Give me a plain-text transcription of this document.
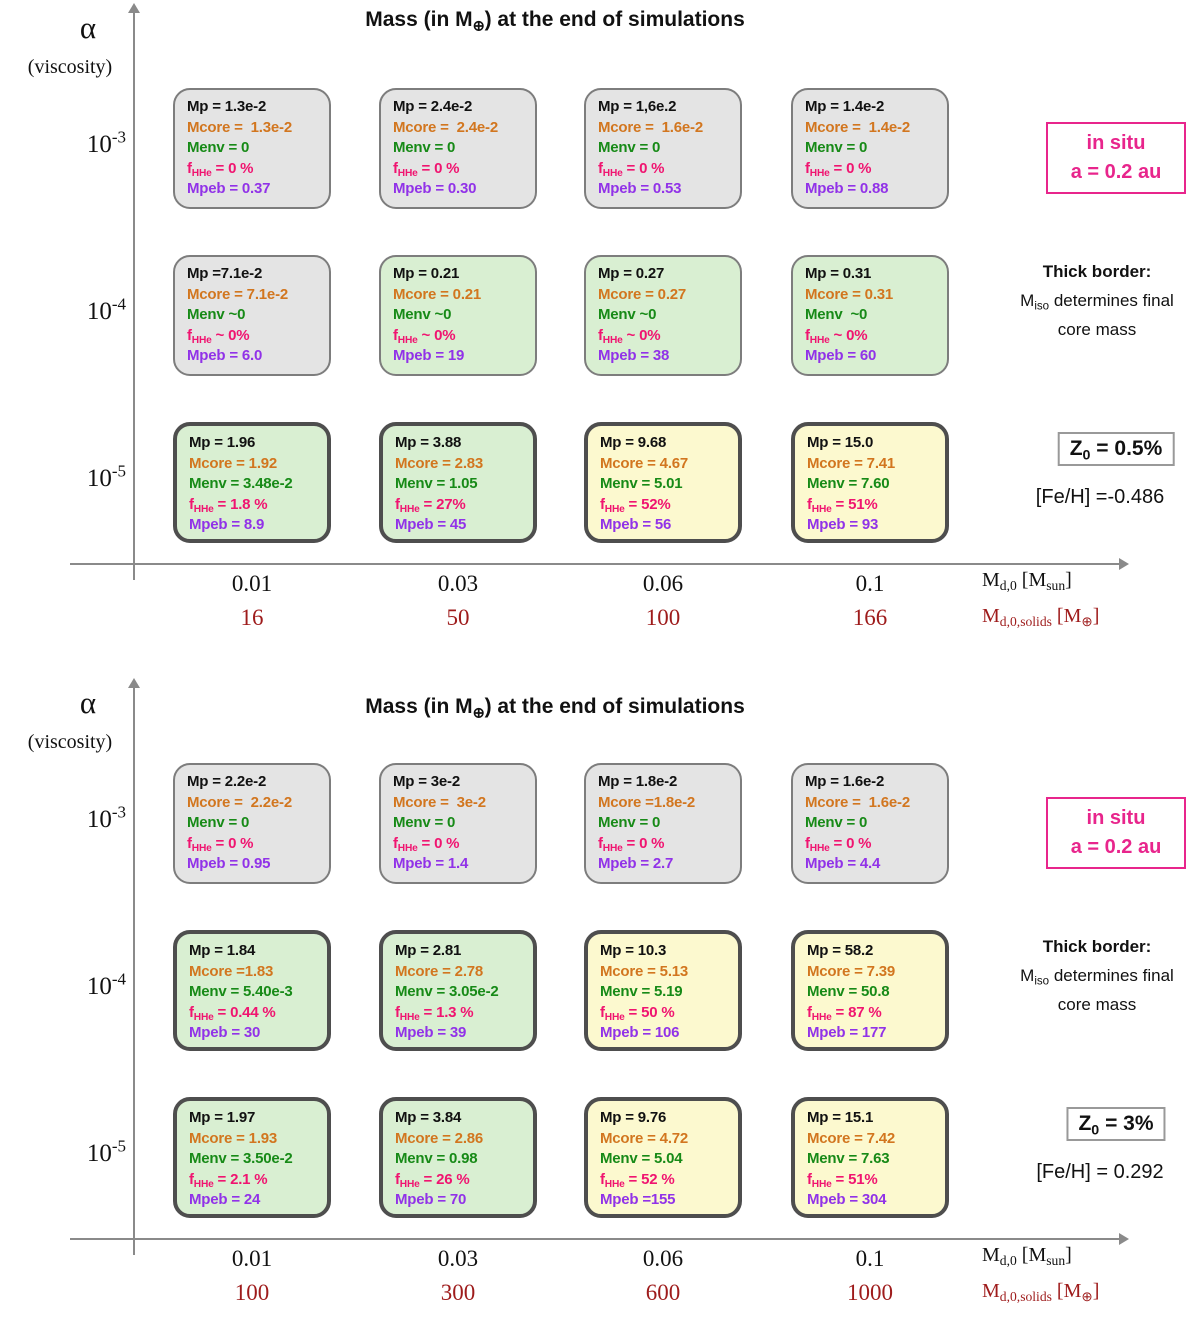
Mass (in $M_\oplus$) at the end of simulations
α
(viscosity)
$M_{d,0}$ $[M_{sun}]$
$M_{d,0,solids}$ $[M_\oplus]$
in situ
a = 0.2 au
Thick border:
$M_{iso}$ determines final
core mass
$Z_0 = 0.5\%$
[Fe/H] =-0.486
$10^{-3}$
Mp = 1.3e-2
Mcore =  1.3e-2
Menv = 0
$f_{HHe} = 0$ %
Mpeb = 0.37
Mp = 2.4e-2
Mcore =  2.4e-2
Menv = 0
$f_{HHe} = 0$ %
Mpeb = 0.30
Mp = 1,6e.2
Mcore =  1.6e-2
Menv = 0
$f_{HHe} = 0$ %
Mpeb = 0.53
Mp = 1.4e-2
Mcore =  1.4e-2
Menv = 0
$f_{HHe} = 0$ %
Mpeb = 0.88
$10^{-4}$
Mp =7.1e-2
Mcore = 7.1e-2
Menv ~0
$f_{HHe}$ ~ 0%
Mpeb = 6.0
Mp = 0.21
Mcore = 0.21
Menv ~0
$f_{HHe}$ ~ 0%
Mpeb = 19
Mp = 0.27
Mcore = 0.27
Menv ~0
$f_{HHe}$ ~ 0%
Mpeb = 38
Mp = 0.31
Mcore = 0.31
Menv  ~0
$f_{HHe}$ ~ 0%
Mpeb = 60
$10^{-5}$
Mp = 1.96
Mcore = 1.92
Menv = 3.48e-2
$f_{HHe} = 1.8$ %
Mpeb = 8.9
Mp = 3.88
Mcore = 2.83
Menv = 1.05
$f_{HHe} = 27\%$
Mpeb = 45
Mp = 9.68
Mcore = 4.67
Menv = 5.01
$f_{HHe} = 52\%$
Mpeb = 56
Mp = 15.0
Mcore = 7.41
Menv = 7.60
$f_{HHe} = 51\%$
Mpeb = 93
0.01	0.03	0.06	0.1
16	50	100	166
Mass (in $M_\oplus$) at the end of simulations
α
(viscosity)
$M_{d,0}$ $[M_{sun}]$
$M_{d,0,solids}$ $[M_\oplus]$
in situ
a = 0.2 au
Thick border:
$M_{iso}$ determines final
core mass
$Z_0 = 3\%$
[Fe/H] = 0.292
$10^{-3}$
Mp = 2.2e-2
Mcore =  2.2e-2
Menv = 0
$f_{HHe} = 0$ %
Mpeb = 0.95
Mp = 3e-2
Mcore =  3e-2
Menv = 0
$f_{HHe} = 0$ %
Mpeb = 1.4
Mp = 1.8e-2
Mcore =1.8e-2
Menv = 0
$f_{HHe} = 0$ %
Mpeb = 2.7
Mp = 1.6e-2
Mcore =  1.6e-2
Menv = 0
$f_{HHe} = 0$ %
Mpeb = 4.4
$10^{-4}$
Mp = 1.84
Mcore =1.83
Menv = 5.40e-3
$f_{HHe} = 0.44$ %
Mpeb = 30
Mp = 2.81
Mcore = 2.78
Menv = 3.05e-2
$f_{HHe} = 1.3$ %
Mpeb = 39
Mp = 10.3
Mcore = 5.13
Menv = 5.19
$f_{HHe} = 50$ %
Mpeb = 106
Mp = 58.2
Mcore = 7.39
Menv = 50.8
$f_{HHe} = 87$ %
Mpeb = 177
$10^{-5}$
Mp = 1.97
Mcore = 1.93
Menv = 3.50e-2
$f_{HHe} = 2.1$ %
Mpeb = 24
Mp = 3.84
Mcore = 2.86
Menv = 0.98
$f_{HHe} = 26$ %
Mpeb = 70
Mp = 9.76
Mcore = 4.72
Menv = 5.04
$f_{HHe} = 52$ %
Mpeb =155
Mp = 15.1
Mcore = 7.42
Menv = 7.63
$f_{HHe} = 51\%$
Mpeb = 304
0.01	0.03	0.06	0.1
100	300	600	1000
